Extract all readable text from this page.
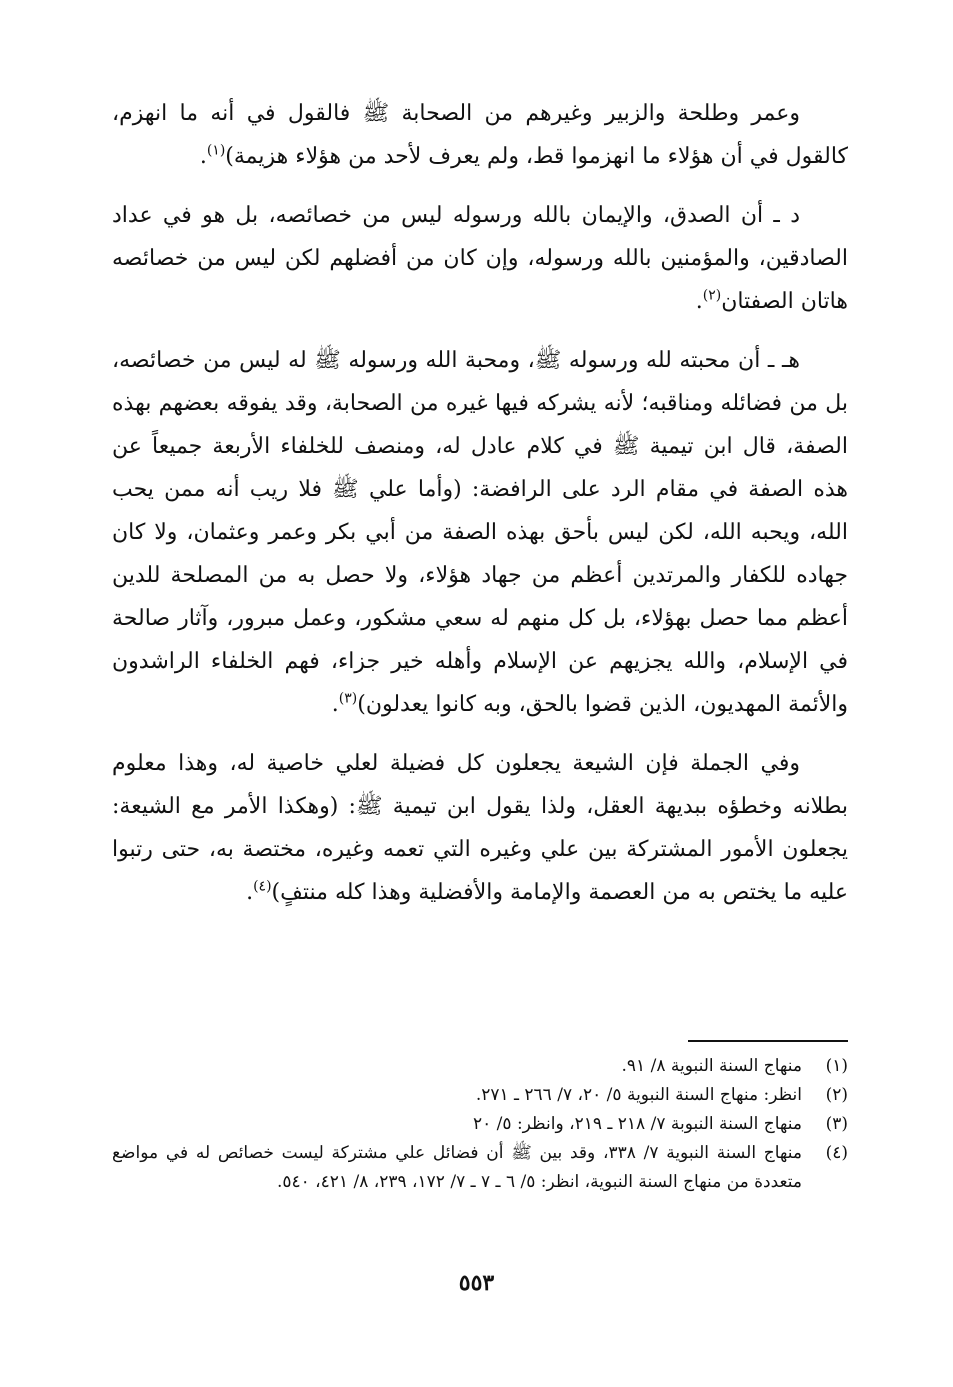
وعمر وطلحة والزبير وغيرهم من الصحابة ﷺ فالقول في أنه ما انهزم، كالقول في أن هؤلاء ما انهزموا قط، ولم يعرف لأحد من هؤلاء هزيمة)$^{(١)}$.

د ـ أن الصدق، والإيمان بالله ورسوله ليس من خصائصه، بل هو في عداد الصادقين، والمؤمنين بالله ورسوله، وإن كان من أفضلهم لكن ليس من خصائصه هاتان الصفتان$^{(٢)}$.

هـ ـ أن محبته لله ورسوله ﷺ، ومحبة الله ورسوله ﷺ له ليس من خصائصه، بل من فضائله ومناقبه؛ لأنه يشركه فيها غيره من الصحابة، وقد يفوقه بعضهم بهذه الصفة، قال ابن تيمية ﷺ في كلام عادل له، ومنصف للخلفاء الأربعة جميعاً عن هذه الصفة في مقام الرد على الرافضة: (وأما علي ﷺ فلا ريب أنه ممن يحب الله، ويحبه الله، لكن ليس بأحق بهذه الصفة من أبي بكر وعمر وعثمان، ولا كان جهاده للكفار والمرتدين أعظم من جهاد هؤلاء، ولا حصل به من المصلحة للدين أعظم مما حصل بهؤلاء، بل كل منهم له سعي مشكور، وعمل مبرور، وآثار صالحة في الإسلام، والله يجزيهم عن الإسلام وأهله خير جزاء، فهم الخلفاء الراشدون والأئمة المهديون، الذين قضوا بالحق، وبه كانوا يعدلون)$^{(٣)}$.

وفي الجملة فإن الشيعة يجعلون كل فضيلة لعلي خاصية له، وهذا معلوم بطلانه وخطؤه ببديهة العقل، ولذا يقول ابن تيمية ﷺ: (وهكذا الأمر مع الشيعة: يجعلون الأمور المشتركة بين علي وغيره التي تعمه وغيره، مختصة به، حتى رتبوا عليه ما يختص به من العصمة والإمامة والأفضلية وهذا كله منتفٍ)$^{(٤)}$.

(١)
منهاج السنة النبوية ٨/ ٩١.
(٢)
انظر: منهاج السنة النبوية ٥/ ٢٠، ٧/ ٢٦٦ ـ ٢٧١.
(٣)
منهاج السنة النبوبة ٧/ ٢١٨ ـ ٢١٩، وانظر: ٥/ ٢٠
(٤)
منهاج السنة النبوية ٧/ ٣٣٨، وقد بين ﷺ أن فضائل علي مشتركة ليست خصائص له في مواضع متعددة من منهاج السنة النبوية، انظر: ٥/ ٦ ـ ٧ ـ ٧/ ١٧٢، ٢٣٩، ٨/ ٤٢١، ٥٤٠.
٥٥٣
